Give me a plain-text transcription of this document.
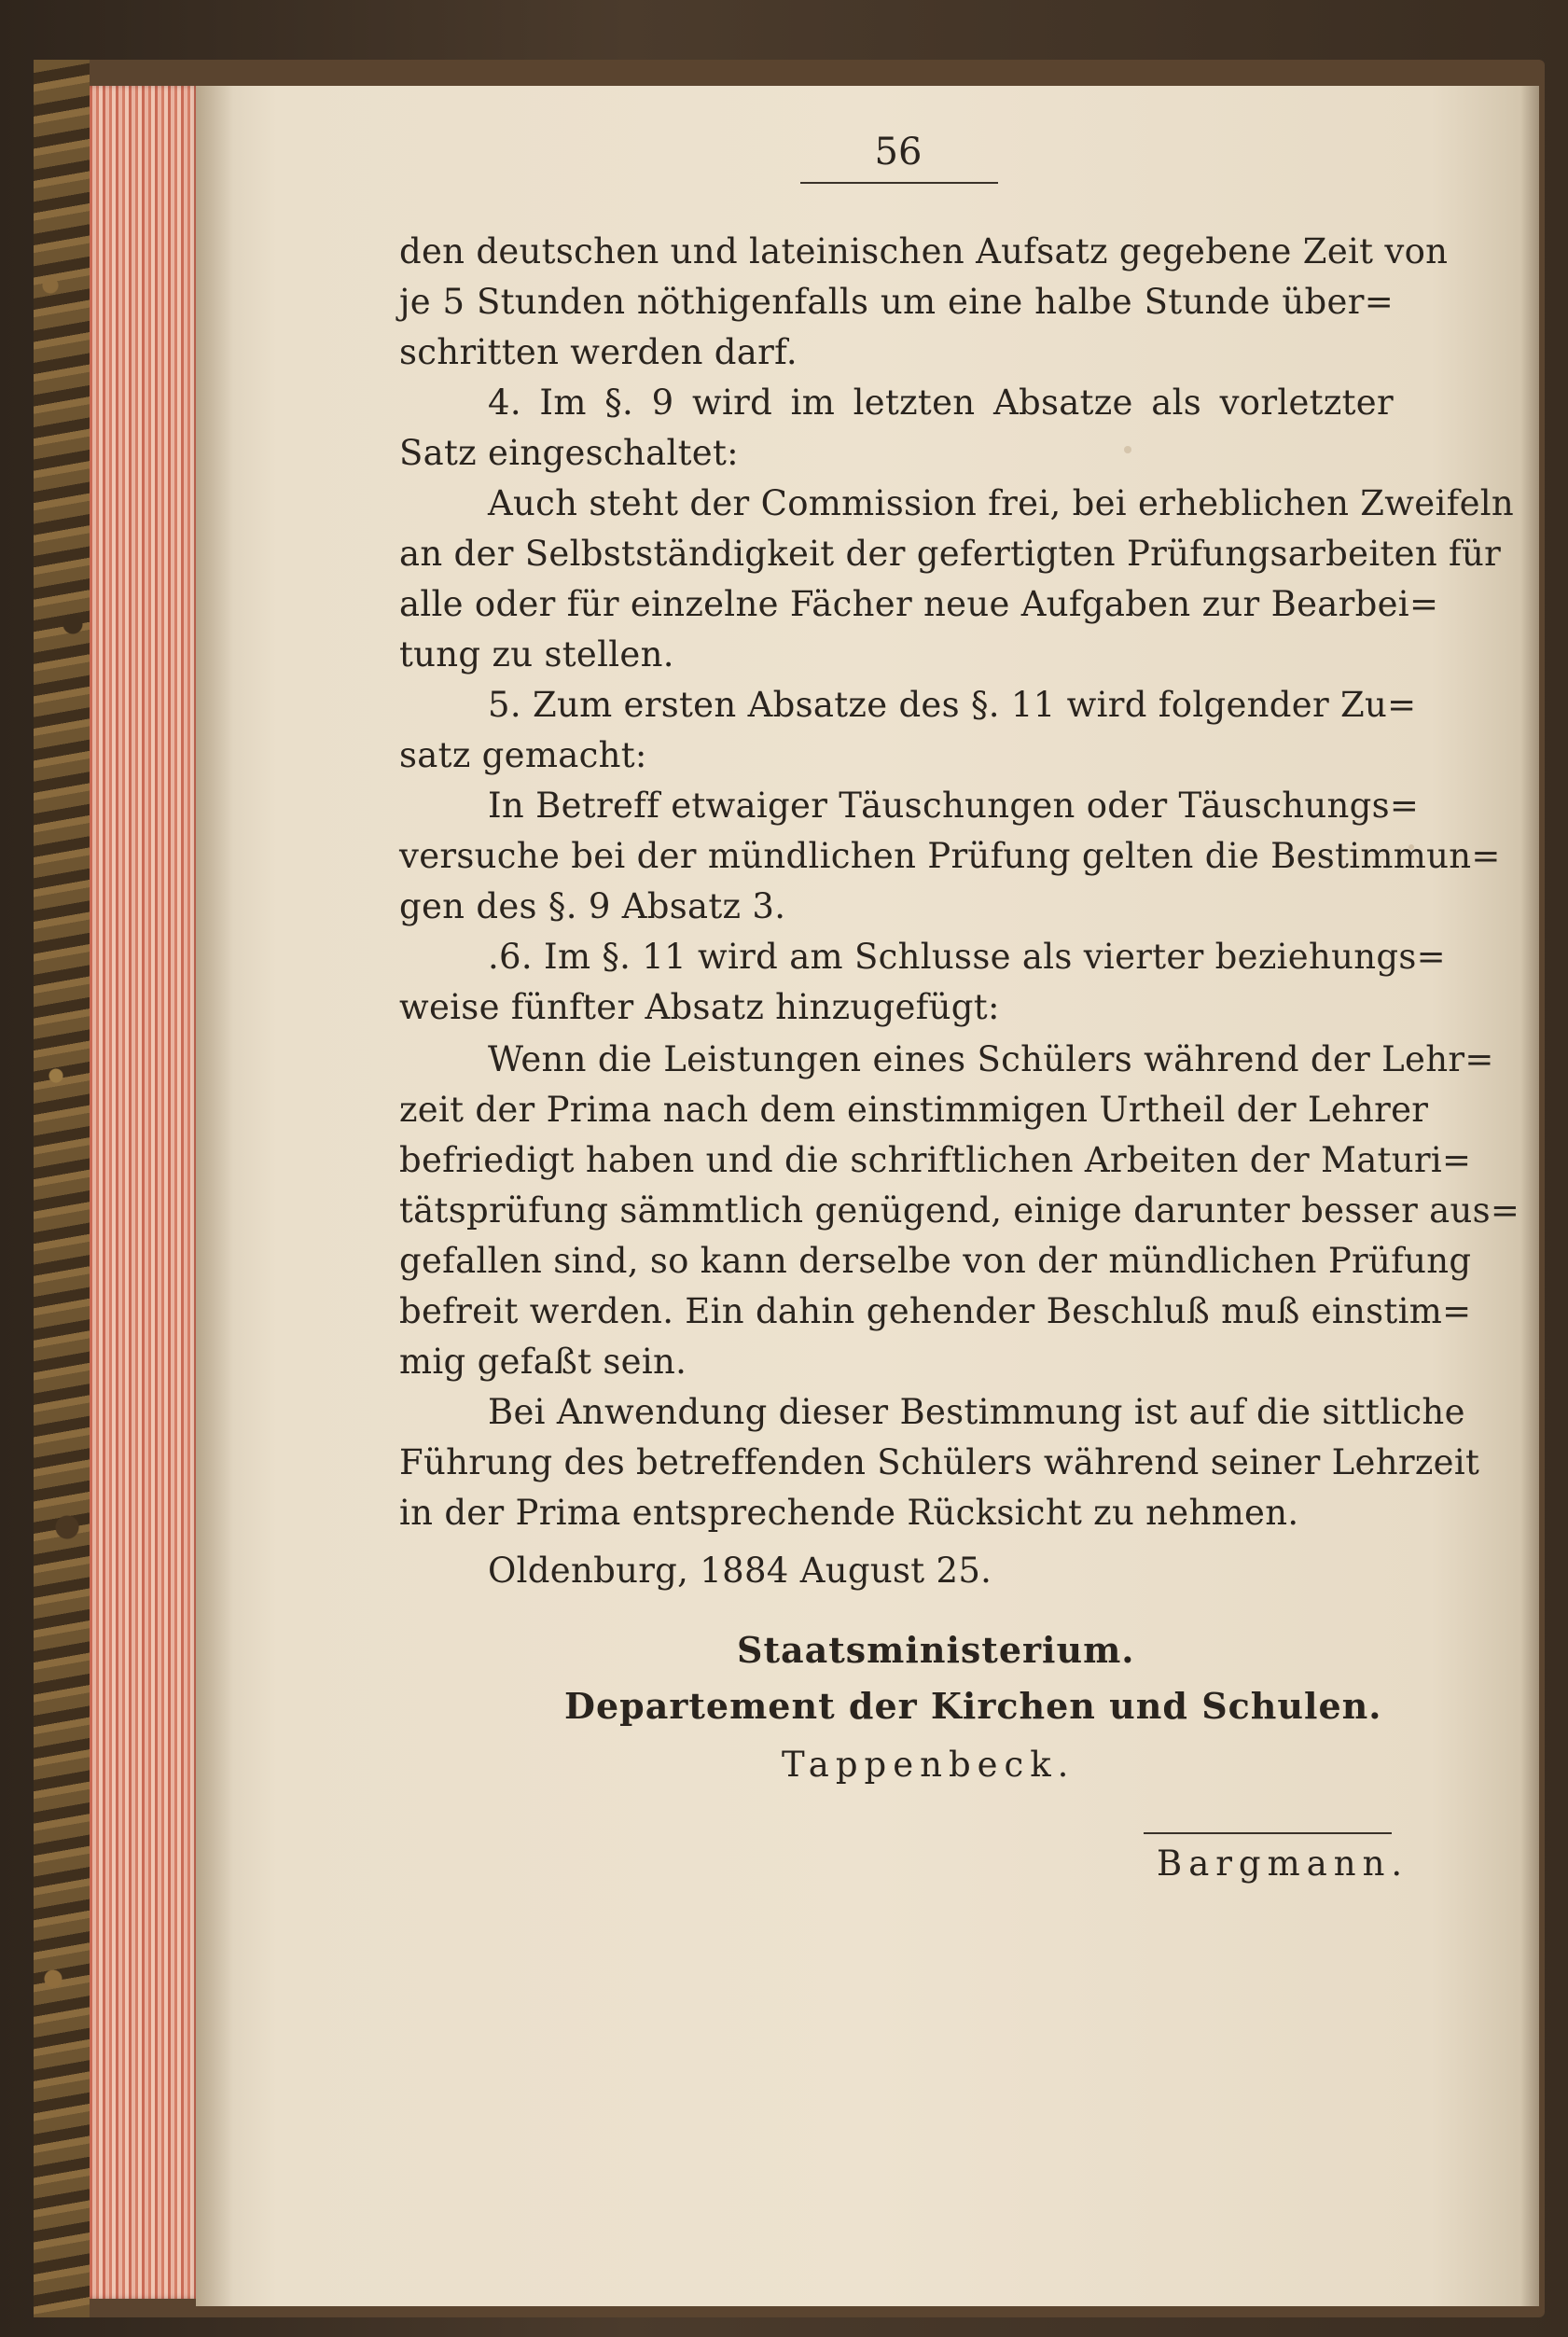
56
den deutschen und lateinischen Aufsatz gegebene Zeit von
je 5 Stunden nöthigenfalls um eine halbe Stunde über=
schritten werden darf.
4. Im §. 9 wird im letzten Absatze als vorletzter
Satz eingeschaltet:
Auch steht der Commission frei, bei erheblichen Zweifeln
an der Selbstständigkeit der gefertigten Prüfungsarbeiten für
alle oder für einzelne Fächer neue Aufgaben zur Bearbei=
tung zu stellen.
5. Zum ersten Absatze des §. 11 wird folgender Zu=
satz gemacht:
In Betreff etwaiger Täuschungen oder Täuschungs=
versuche bei der mündlichen Prüfung gelten die Bestimmun=
gen des §. 9 Absatz 3.
.6. Im §. 11 wird am Schlusse als vierter beziehungs=
weise fünfter Absatz hinzugefügt:
Wenn die Leistungen eines Schülers während der Lehr=
zeit der Prima nach dem einstimmigen Urtheil der Lehrer
befriedigt haben und die schriftlichen Arbeiten der Maturi=
tätsprüfung sämmtlich genügend, einige darunter besser aus=
gefallen sind, so kann derselbe von der mündlichen Prüfung
befreit werden. Ein dahin gehender Beschluß muß einstim=
mig gefaßt sein.
Bei Anwendung dieser Bestimmung ist auf die sittliche
Führung des betreffenden Schülers während seiner Lehrzeit
in der Prima entsprechende Rücksicht zu nehmen.
Oldenburg, 1884 August 25.
Staatsministerium.
Departement der Kirchen und Schulen.
Tappenbeck.
Bargmann.
